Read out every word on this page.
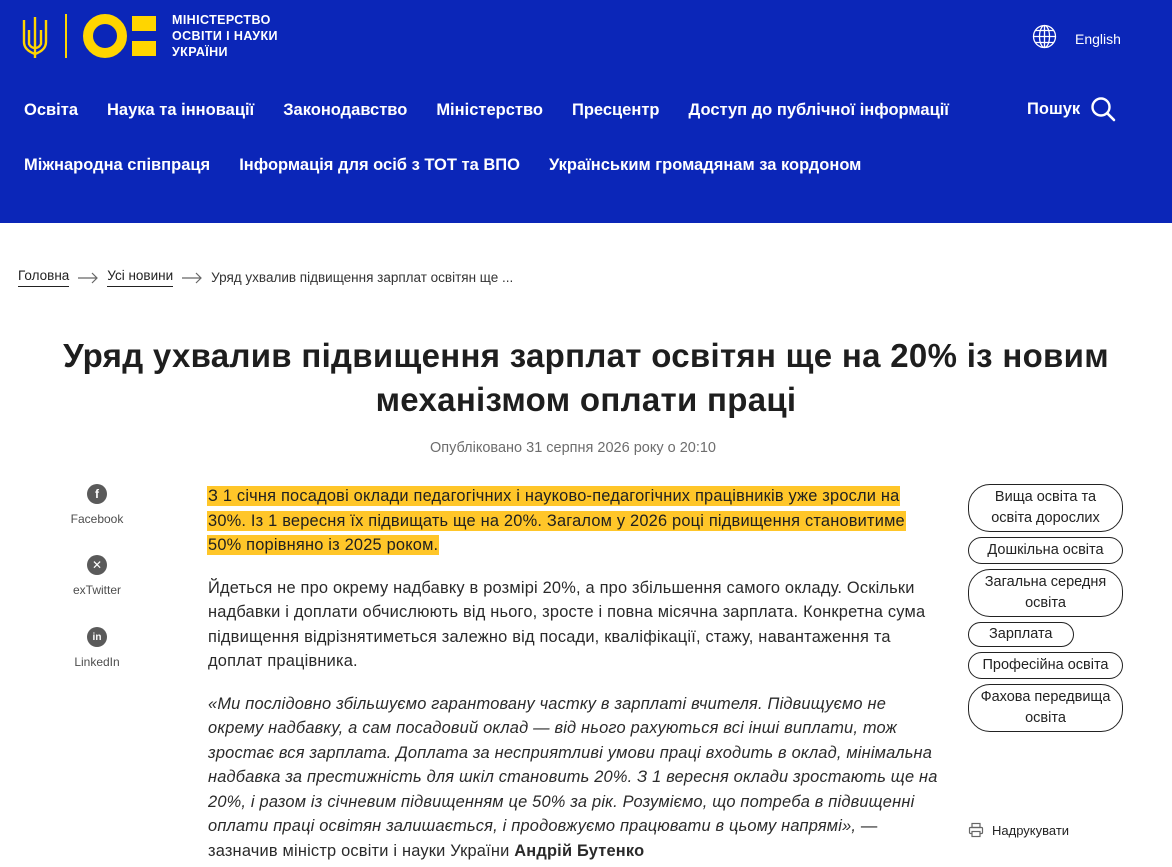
МІНІСТЕРСТВО
ОСВІТИ І НАУКИ
УКРАЇНИ
English
Освіта Наука та інновації Законодавство Міністерство Пресцентр Доступ до публічної інформації
Міжнародна співпраця Інформація для осіб з ТОТ та ВПО Українським громадянам за кордоном
Пошук
Головна	Усі новини	Уряд ухвалив підвищення зарплат освітян ще ...
Уряд ухвалив підвищення зарплат освітян ще на 20% із новим механізмом оплати праці
Опубліковано 31 серпня 2026 року о 20:10
f
Facebook
✕
exTwitter
in
LinkedIn

З 1 січня посадові оклади педагогічних і науково-педагогічних працівників уже зросли на 30%. Із 1 вересня їх підвищать ще на 20%. Загалом у 2026 році підвищення становитиме 50% порівняно із 2025 роком.

Йдеться не про окрему надбавку в розмірі 20%, а про збільшення самого окладу. Оскільки надбавки і доплати обчислюють від нього, зросте і повна місячна зарплата. Конкретна сума підвищення відрізнятиметься залежно від посади, кваліфікації, стажу, навантаження та доплат працівника.

«Ми послідовно збільшуємо гарантовану частку в зарплаті вчителя. Підвищуємо не окрему надбавку, а сам посадовий оклад — від нього рахуються всі інші виплати, тож зростає вся зарплата. Доплата за несприятливі умови праці входить в оклад, мінімальна надбавка за престижність для шкіл становить 20%. З 1 вересня оклади зростають ще на 20%, і разом із січневим підвищенням це 50% за рік. Розуміємо, що потреба в підвищенні оплати праці освітян залишається, і продовжуємо працювати в цьому напрямі», — зазначив міністр освіти і науки України Андрій Бутенко

Вища освіта та освіта дорослих
Дошкільна освіта
Загальна середня освіта
Зарплата
Професійна освіта
Фахова передвища освіта
Надрукувати
